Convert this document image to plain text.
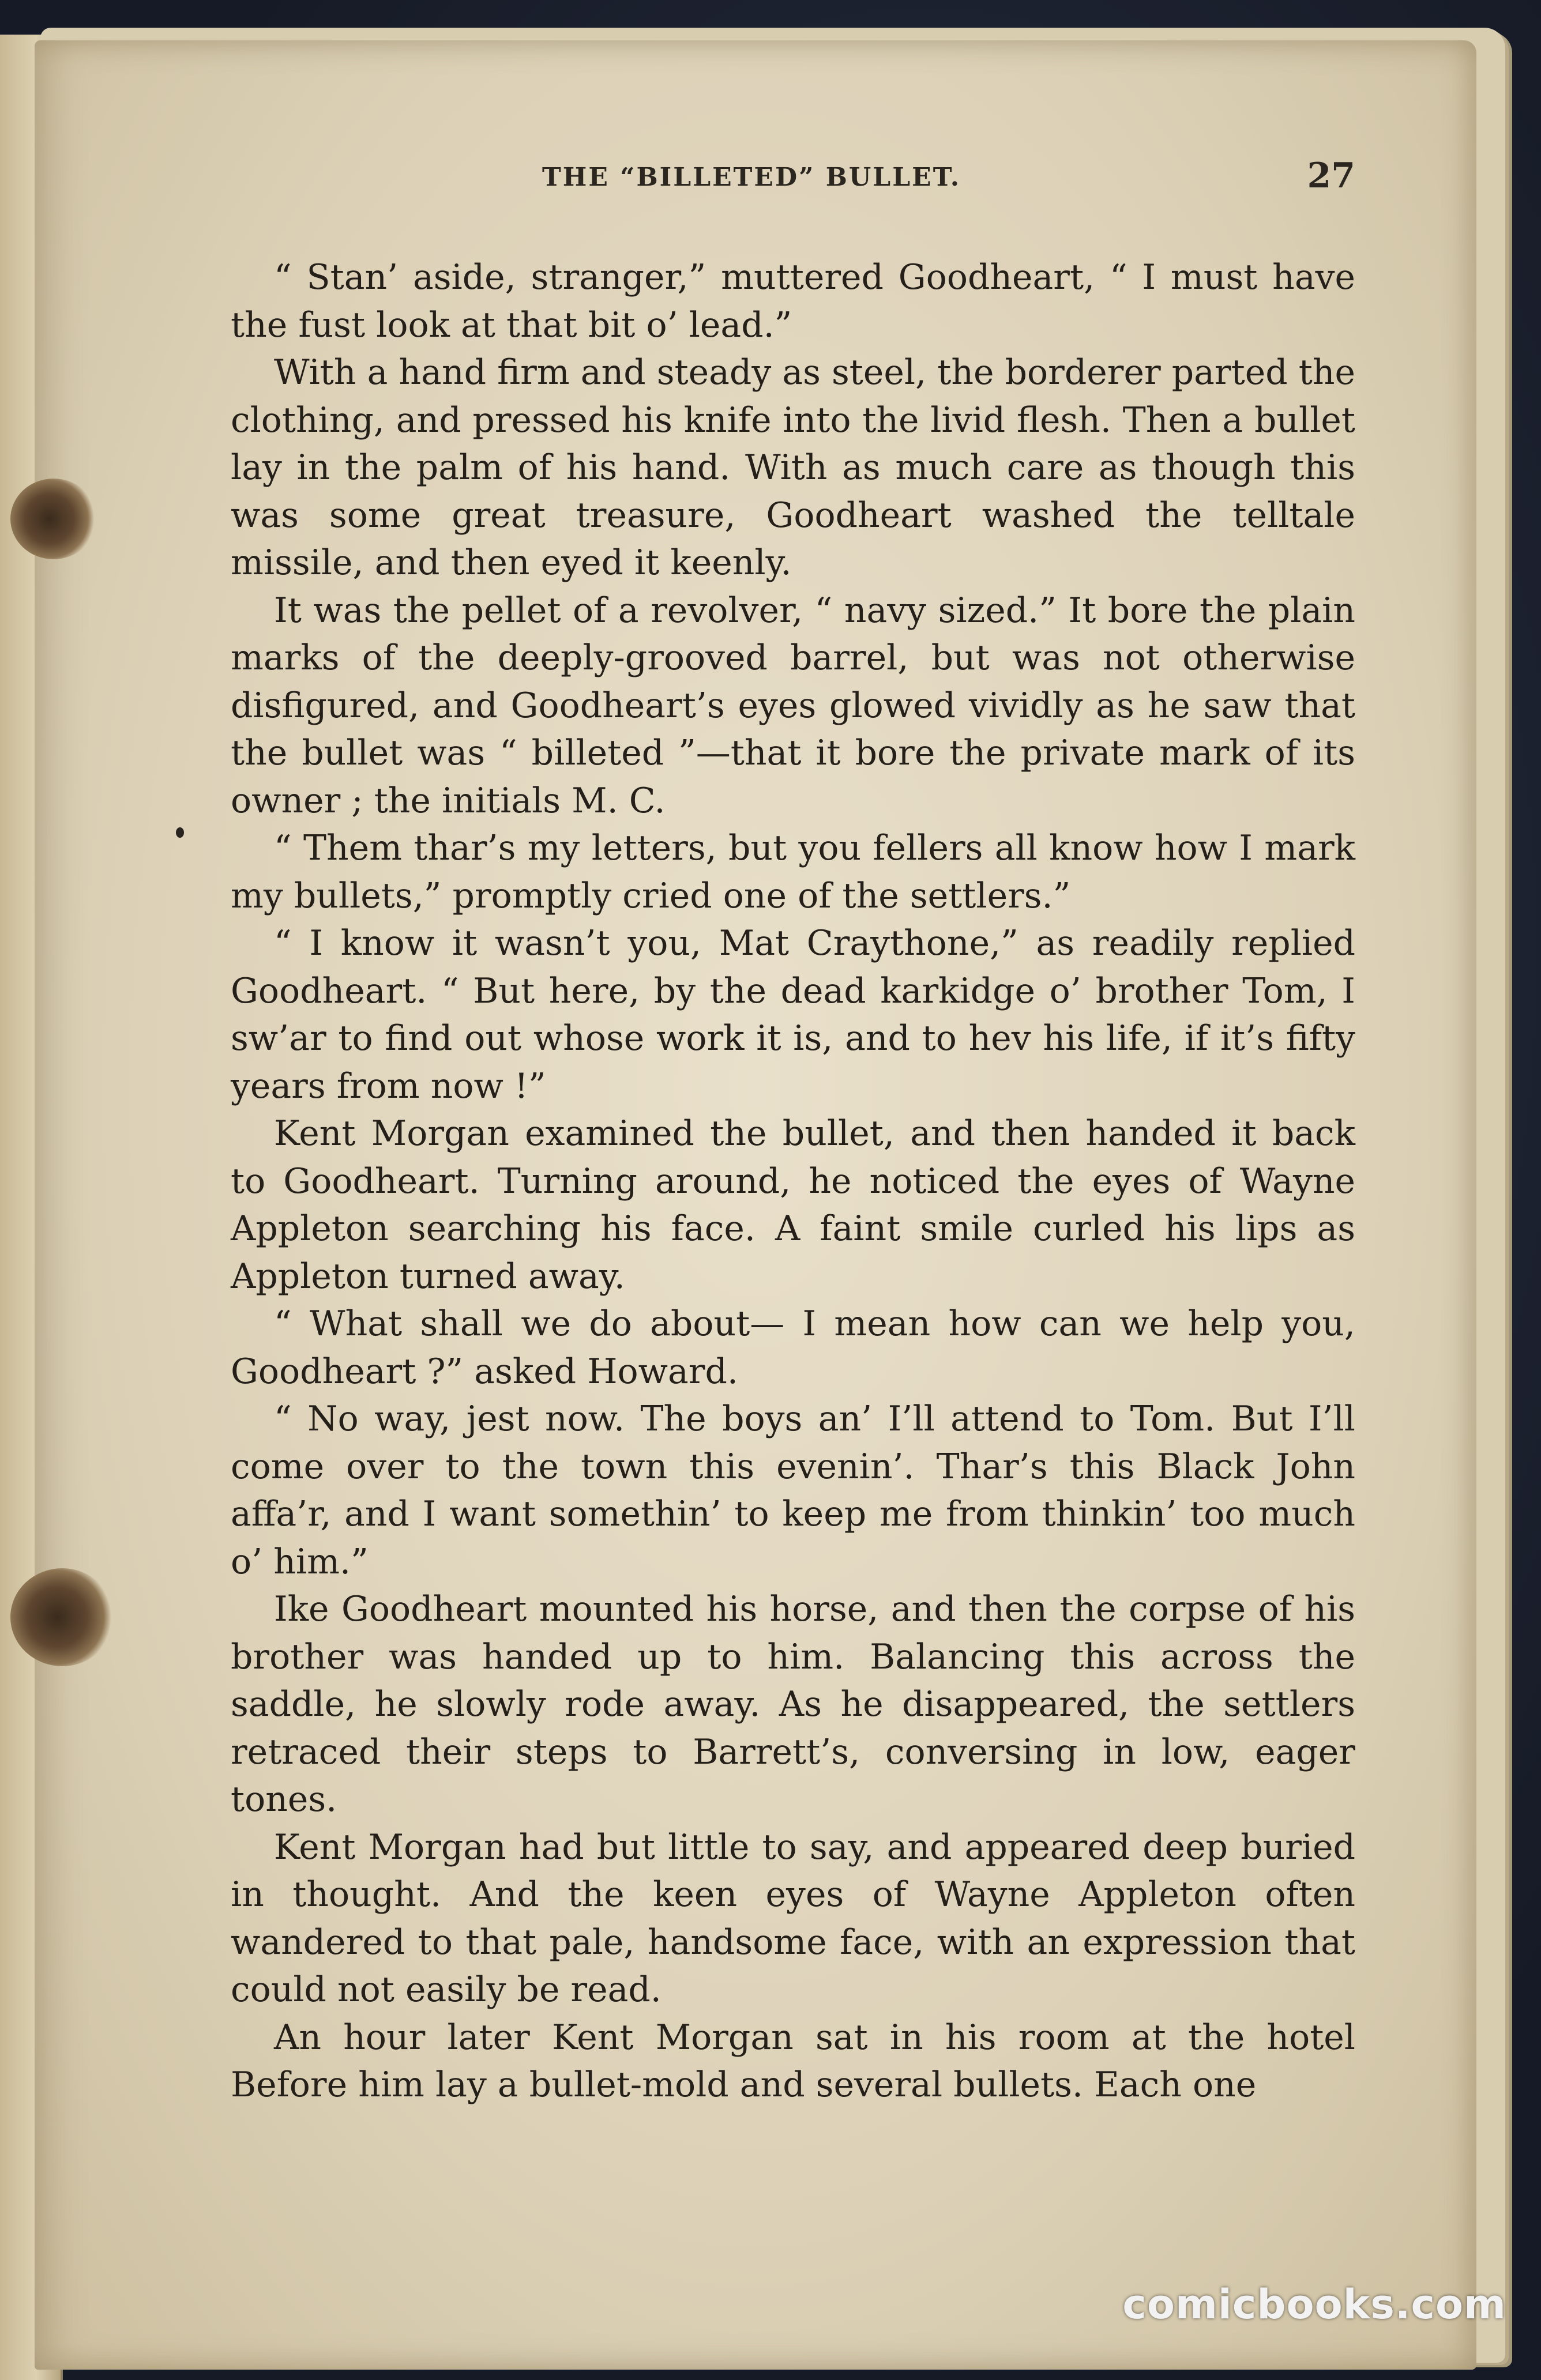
THE “BILLETED” BULLET.	27

“ Stan’ aside, stranger,” muttered Goodheart, “ I must have the fust look at that bit o’ lead.”

With a hand firm and steady as steel, the borderer parted the clothing, and pressed his knife into the livid flesh. Then a bullet lay in the palm of his hand. With as much care as though this was some great treasure, Goodheart washed the telltale missile, and then eyed it keenly.

It was the pellet of a revolver, “ navy sized.” It bore the plain marks of the deeply-grooved barrel, but was not otherwise disfigured, and Goodheart’s eyes glowed vividly as he saw that the bullet was “ billeted ”—that it bore the private mark of its owner ; the initials M. C.

“ Them thar’s my letters, but you fellers all know how I mark my bullets,” promptly cried one of the settlers.”

“ I know it wasn’t you, Mat Craythone,” as readily replied Goodheart. “ But here, by the dead karkidge o’ brother Tom, I sw’ar to find out whose work it is, and to hev his life, if it’s fifty years from now !”

Kent Morgan examined the bullet, and then handed it back to Goodheart. Turning around, he noticed the eyes of Wayne Appleton searching his face. A faint smile curled his lips as Appleton turned away.

“ What shall we do about— I mean how can we help you, Goodheart ?” asked Howard.

“ No way, jest now. The boys an’ I’ll attend to Tom. But I’ll come over to the town this evenin’. Thar’s this Black John affa’r, and I want somethin’ to keep me from thinkin’ too much o’ him.”

Ike Goodheart mounted his horse, and then the corpse of his brother was handed up to him. Balancing this across the saddle, he slowly rode away. As he disappeared, the settlers retraced their steps to Barrett’s, conversing in low, eager tones.

Kent Morgan had but little to say, and appeared deep buried in thought. And the keen eyes of Wayne Appleton often wandered to that pale, handsome face, with an expression that could not easily be read.

An hour later Kent Morgan sat in his room at the hotel Before him lay a bullet-mold and several bullets. Each one

comicbooks.com
